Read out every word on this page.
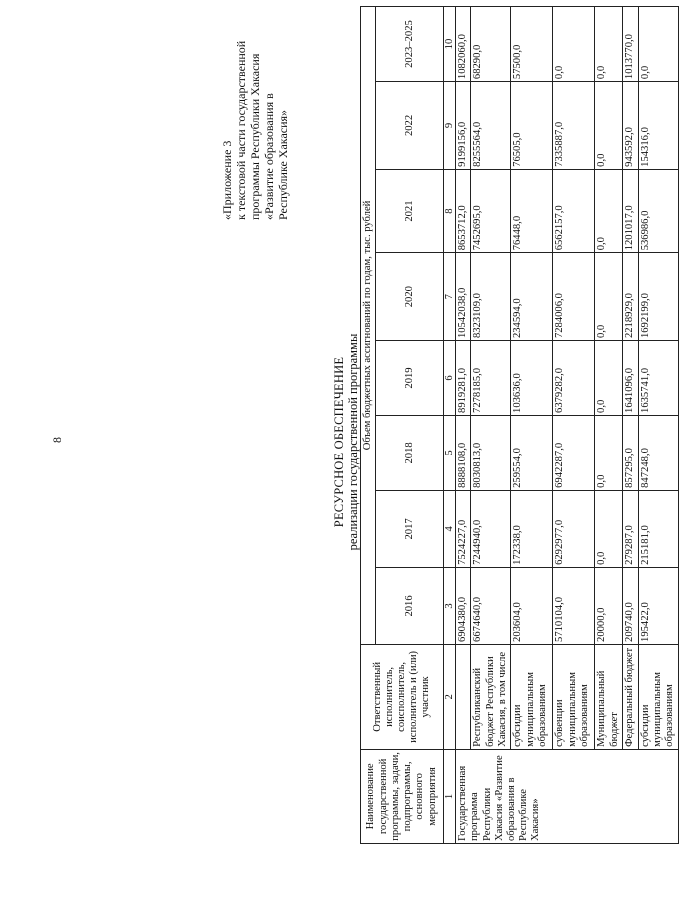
8
«Приложение 3 к текстовой части государственной программы Республики Хакасия «Развитие образования в Республике Хакасия»
РЕСУРСНОЕ ОБЕСПЕЧЕНИЕ реализации государственной программы
Наименование государственной программы, задачи, подпрограммы, основного мероприятия	Ответственный исполнитель, соисполнитель, исполнитель и (или) участник	Объем бюджетных ассигнований по годам, тыс. рублей							
		2016	2017	2018	2019	2020	2021	2022	2023–2025
1	2	3	4	5	6	7	8	9	10
Государственная программа Республики Хакасия «Развитие образования в Республике Хакасия»		6904380,0	7524227,0	8888108,0	8919281,0	10542038,0	8653712,0	9199156,0	1082060,0
	Республиканский бюджет Республики Хакасия, в том числе	6674640,0	7244940,0	8030813,0	7278185,0	8323109,0	7452695,0	8255564,0	68290,0
	субсидии муниципальным образованиям	203604,0	172338,0	259554,0	103636,0	234594,0	76448,0	76505,0	57500,0
	субвенции муниципальным образованиям	5710104,0	6292977,0	6942287,0	6379282,0	7284006,0	6562157,0	7335887,0	0,0
	Муниципальный бюджет	20000,0	0,0	0,0	0,0	0,0	0,0	0,0	0,0
	Федеральный бюджет	209740,0	279287,0	857295,0	1641096,0	2218929,0	1201017,0	943592,0	1013770,0
	субсидии муниципальным образованиям	195422,0	215181,0	847248,0	1635741,0	1692199,0	536986,0	154316,0	0,0
